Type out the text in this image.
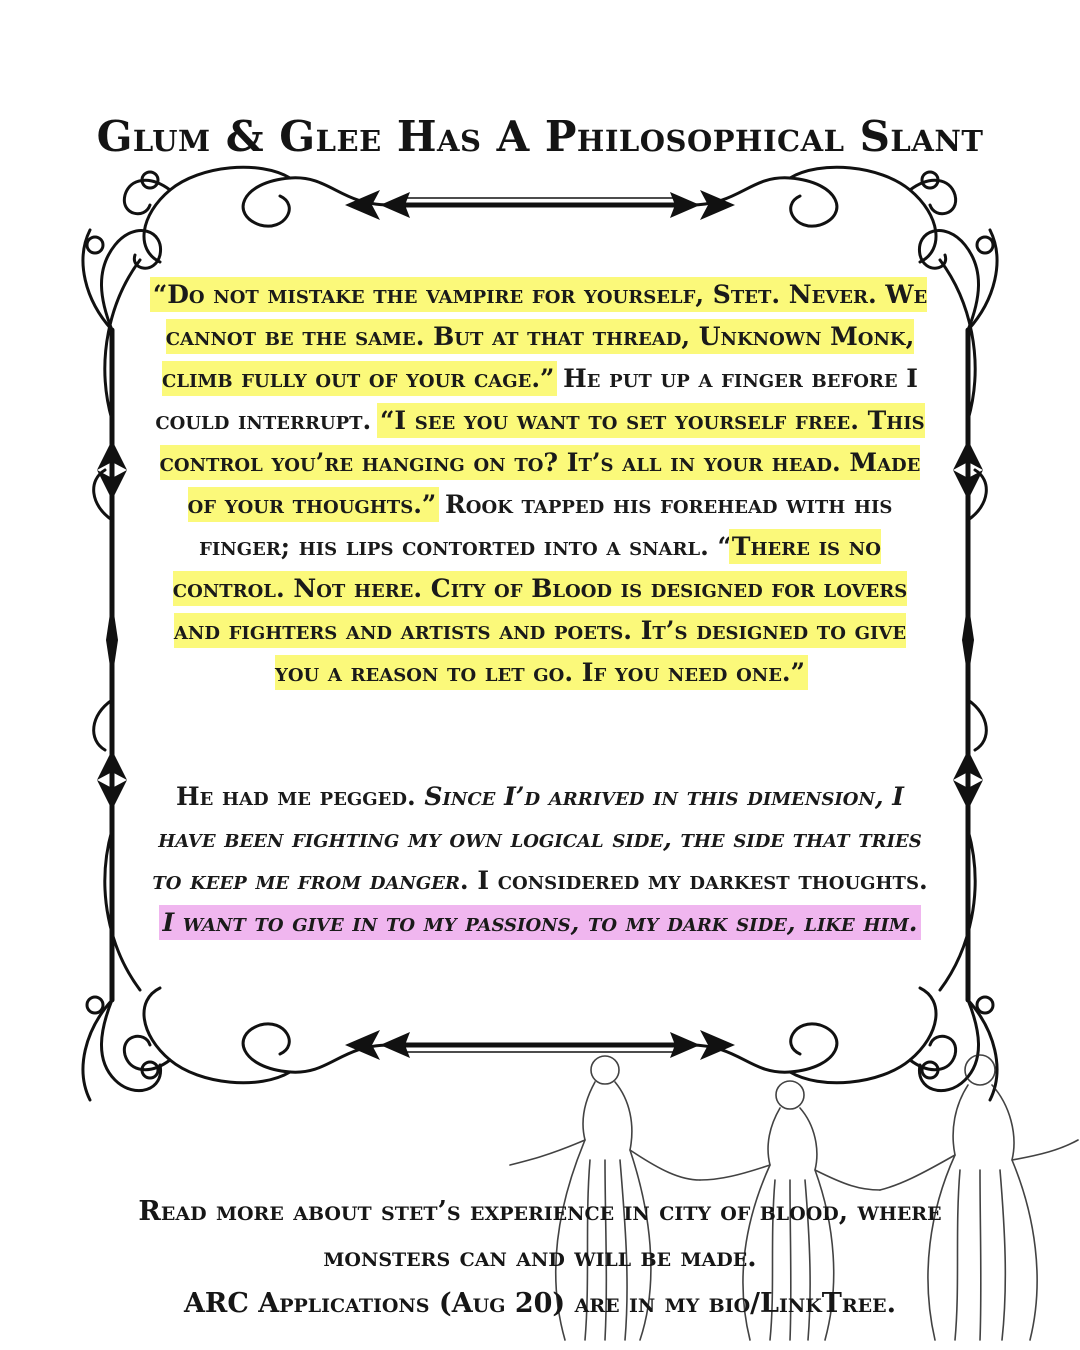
Glum & Glee Has A Philosophical Slant
“Do not mistake the vampire for yourself, Stet. Never. We cannot be the same. But at that thread, Unknown Monk, climb fully out of your cage.” He put up a finger before I could interrupt. “I see you want to set yourself free. This control you’re hanging on to? It’s all in your head. Made of your thoughts.” Rook tapped his forehead with his finger; his lips contorted into a snarl. “There is no control. Not here. City of Blood is designed for lovers and fighters and artists and poets. It’s designed to give you a reason to let go. If you need one.”
He had me pegged. Since I’d arrived in this dimension, I have been fighting my own logical side, the side that tries to keep me from danger. I considered my darkest thoughts. I want to give in to my passions, to my dark side, like him.
Read more about stet’s experience in city of blood, where
monsters can and will be made.
ARC Applications (Aug 20) are in my bio/LinkTree.
